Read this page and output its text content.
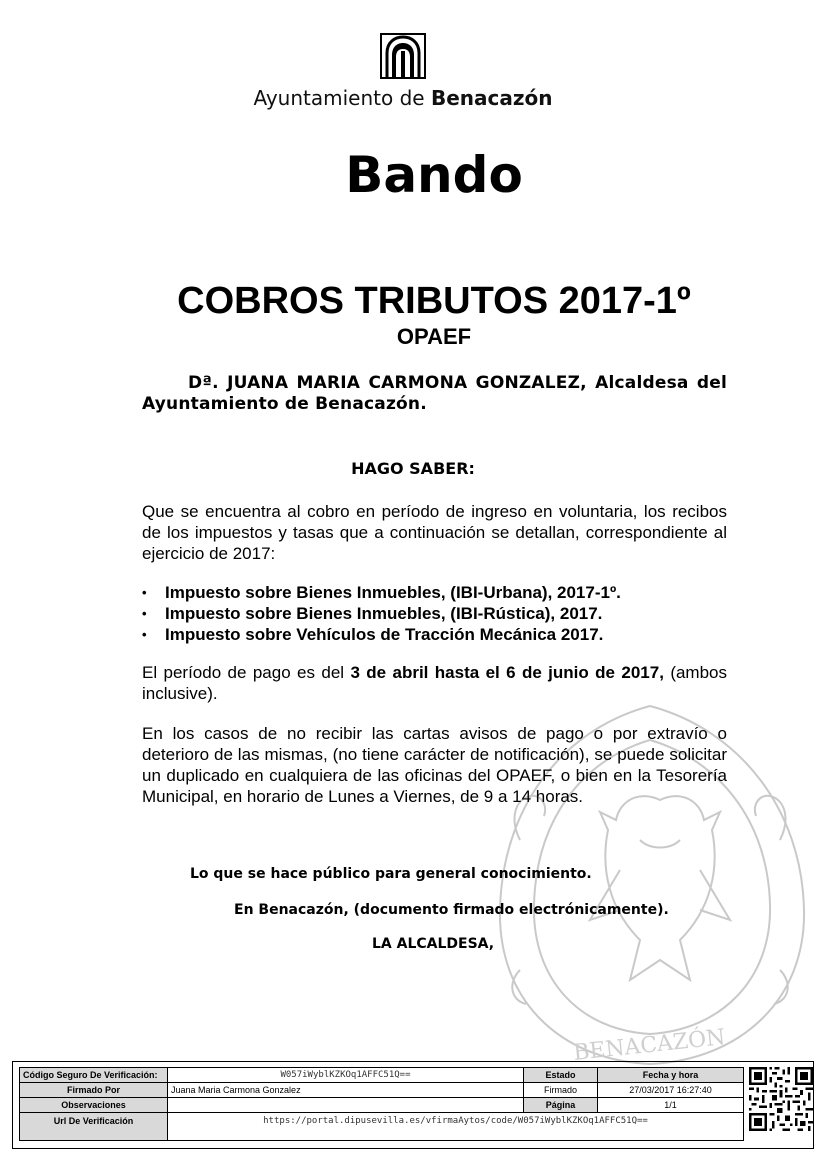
BENACAZÓN
Ayuntamiento de Benacazón
Bando
COBROS TRIBUTOS 2017-1º
OPAEF
Dª. JUANA MARIA CARMONA GONZALEZ, Alcaldesa del Ayuntamiento de Benacazón.
HAGO SABER:
Que se encuentra al cobro en período de ingreso en voluntaria, los recibos de los impuestos y tasas que a continuación se detallan, correspondiente al ejercicio de 2017:
• Impuesto sobre Bienes Inmuebles, (IBI-Urbana), 2017-1º.
• Impuesto sobre Bienes Inmuebles, (IBI-Rústica), 2017.
• Impuesto sobre Vehículos de Tracción Mecánica 2017.
El período de pago es del 3 de abril hasta el 6 de junio de 2017, (ambos inclusive).
En los casos de no recibir las cartas avisos de pago o por extravío o deterioro de las mismas, (no tiene carácter de notificación), se puede solicitar un duplicado en cualquiera de las oficinas del OPAEF, o bien en la Tesorería Municipal, en horario de Lunes a Viernes, de 9 a 14 horas.
Lo que se hace público para general conocimiento.
En Benacazón, (documento firmado electrónicamente).
LA ALCALDESA,
Código Seguro De Verificación:	W057iWyblKZKOq1AFFC51Q==	Estado	Fecha y hora
Firmado Por	Juana Maria Carmona Gonzalez	Firmado	27/03/2017 16:27:40
Observaciones		Página	1/1
Url De Verificación	https://portal.dipusevilla.es/vfirmaAytos/code/W057iWyblKZKOq1AFFC51Q==		
